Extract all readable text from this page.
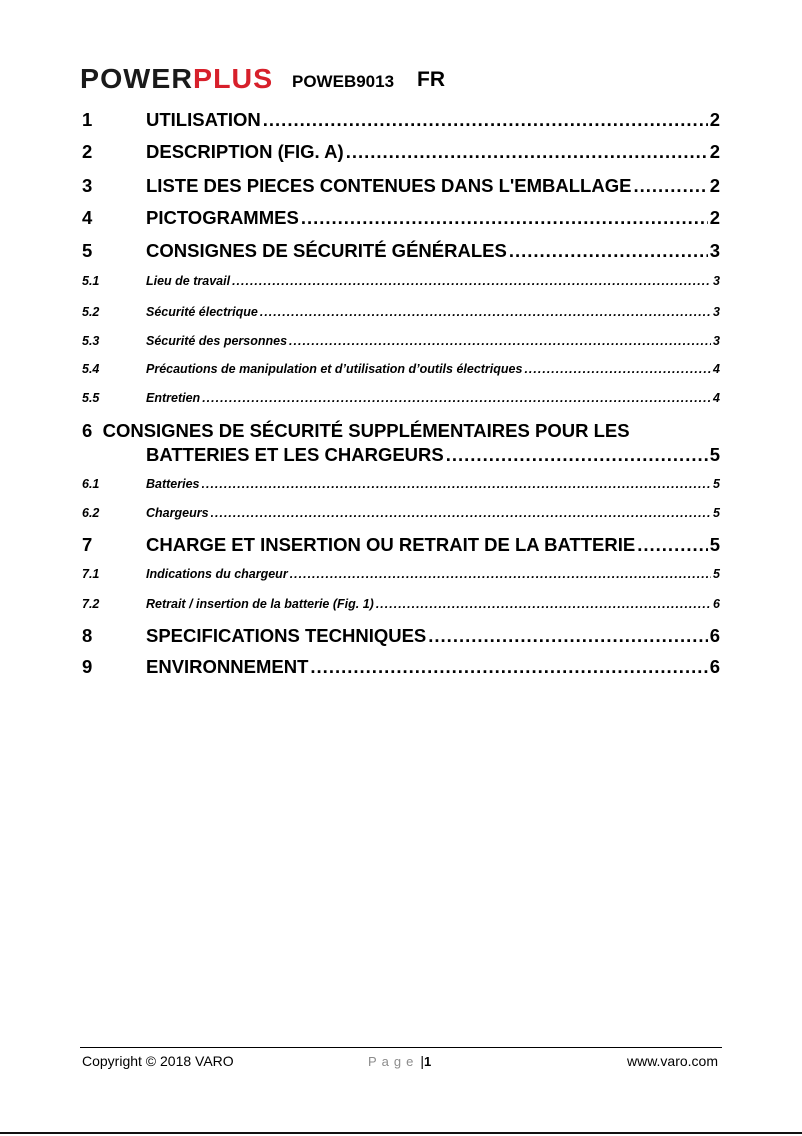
POWERPLUS POWEB9013 FR
1	UTILISATION .....	2
2	DESCRIPTION (FIG. A) .....	2
3	LISTE DES PIECES CONTENUES DANS L'EMBALLAGE .....	2
4	PICTOGRAMMES .....	2
5	CONSIGNES DE SÉCURITÉ GÉNÉRALES .....	3
5.1	Lieu de travail .....	3
5.2	Sécurité électrique .....	3
5.3	Sécurité des personnes .....	3
5.4	Précautions de manipulation et d’utilisation d’outils électriques .....	4
5.5	Entretien .....	4
6 CONSIGNES DE SÉCURITÉ SUPPLÉMENTAIRES POUR LES
BATTERIES ET LES CHARGEURS .....	5
6.1	Batteries .....	5
6.2	Chargeurs .....	5
7	CHARGE ET INSERTION OU RETRAIT DE LA BATTERIE .....	5
7.1	Indications du chargeur .....	5
7.2	Retrait / insertion de la batterie (Fig. 1) .....	6
8	SPECIFICATIONS TECHNIQUES .....	6
9	ENVIRONNEMENT .....	6
Copyright © 2018 VARO	Page |1	www.varo.com
